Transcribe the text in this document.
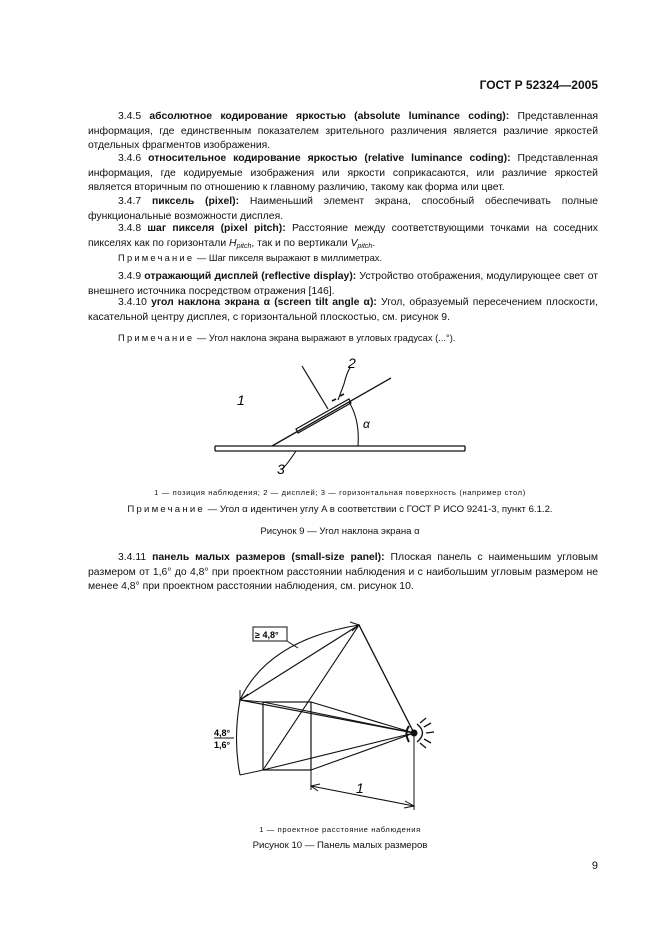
ГОСТ Р 52324—2005
3.4.5 абсолютное кодирование яркостью (absolute luminance coding): Представленная информация, где единственным показателем зрительного различения является различие яркостей отдельных фрагментов изображения.
3.4.6 относительное кодирование яркостью (relative luminance coding): Представленная информация, где кодируемые изображения или яркости соприкасаются, или различие яркостей является вторичным по отношению к главному различию, такому как форма или цвет.
3.4.7 пиксель (pixel): Наименьший элемент экрана, способный обеспечивать полные функциональные возможности дисплея.
3.4.8 шаг пикселя (pixel pitch): Расстояние между соответствующими точками на соседних пикселях как по горизонтали $H_{pitch}$, так и по вертикали $V_{pitch}$.
Примечание — Шаг пикселя выражают в миллиметрах.
3.4.9 отражающий дисплей (reflective display): Устройство отображения, модулирующее свет от внешнего источника посредством отражения [146].
3.4.10 угол наклона экрана α (screen tilt angle α): Угол, образуемый пересечением плоскости, касательной центру дисплея, с горизонтальной плоскостью, см. рисунок 9.
Примечание — Угол наклона экрана выражают в угловых градусах (...°).
1
2
3
α
≥ 4,8°
4,8°
1,6°
1
1 — позиция наблюдения; 2 — дисплей; 3 — горизонтальная поверхность (например стол)
Примечание — Угол α идентичен углу A в соответствии с ГОСТ Р ИСО 9241-3, пункт 6.1.2.
Рисунок 9 — Угол наклона экрана α
3.4.11 панель малых размеров (small-size panel): Плоская панель с наименьшим угловым размером от 1,6° до 4,8° при проектном расстоянии наблюдения и с наибольшим угловым размером не менее 4,8° при проектном расстоянии наблюдения, см. рисунок 10.
1 — проектное расстояние наблюдения
Рисунок 10 — Панель малых размеров
9
